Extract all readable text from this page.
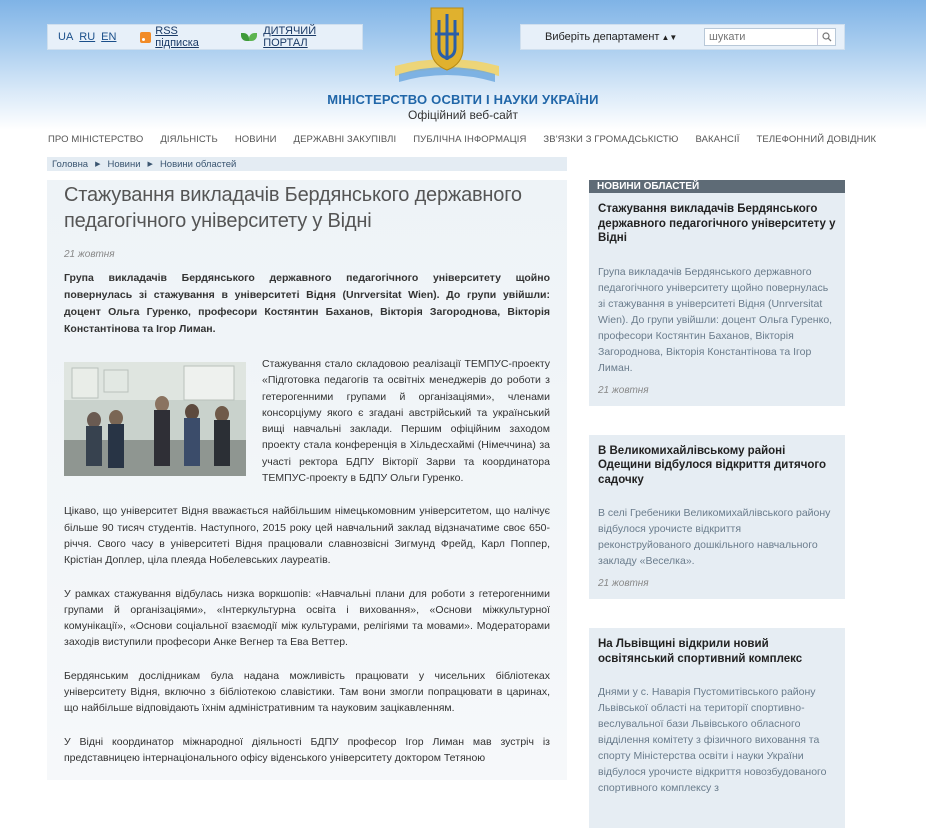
UA RU EN	RSS підписка
ДИТЯЧИЙ ПОРТАЛ	Виберіть департамент ▲▼
шукати
МІНІСТЕРСТВО ОСВІТИ І НАУКИ УКРАЇНИ
Офіційний веб-сайт
ПРО МІНІСТЕРСТВО ДІЯЛЬНІСТЬ НОВИНИ ДЕРЖАВНІ ЗАКУПІВЛІ ПУБЛІЧНА ІНФОРМАЦІЯ ЗВ'ЯЗКИ З ГРОМАДСЬКІСТЮ ВАКАНСІЇ ТЕЛЕФОННИЙ ДОВІДНИК
Головна ▶ Новини ▶ Новини областей
Стажування викладачів Бердянського державного педагогічного університету у Відні
21 жовтня
Група викладачів Бердянського державного педагогічного університету щойно повернулась зі стажування в університеті Відня (Unrversitat Wien). До групи увійшли: доцент Ольга Гуренко, професори Костянтин Баханов, Вікторія Загороднова, Вікторія Константінова та Ігор Лиман.

Стажування стало складовою реалізації ТЕМПУС-проекту «Підготовка педагогів та освітніх менеджерів до роботи з гетерогенними групами й організаціями», членами консорціуму якого є згадані австрійський та український вищі навчальні заклади. Першим офіційним заходом проекту стала конференція в Хільдесхаймі (Німеччина) за участі ректора БДПУ Вікторії Зарви та координатора ТЕМПУС-проекту в БДПУ Ольги Гуренко.

Цікаво, що університет Відня вважається найбільшим німецькомовним університетом, що налічує більше 90 тисяч студентів. Наступного, 2015 року цей навчальний заклад відзначатиме своє 650-річчя. Свого часу в університеті Відня працювали славнозвісні Зигмунд Фрейд, Карл Поппер, Крістіан Доплер, ціла плеяда Нобелевських лауреатів.

У рамках стажування відбулась низка воркшопів: «Навчальні плани для роботи з гетерогенними групами й організаціями», «Інтеркультурна освіта і виховання», «Основи міжкультурної комунікації», «Основи соціальної взаємодії між культурами, релігіями та мовами». Модераторами заходів виступили професори Анке Вегнер та Ева Веттер.

Бердянським дослідникам була надана можливість працювати у чисельних бібліотеках університету Відня, включно з бібліотекою славістики. Там вони змогли попрацювати в царинах, що найбільше відповідають їхнім адміністративним та науковим зацікавленням.

У Відні координатор міжнародної діяльності БДПУ професор Ігор Лиман мав зустріч із представницею інтернаціонального офісу віденського університету доктором Тетяною

НОВИНИ ОБЛАСТЕЙ
Стажування викладачів Бердянського державного педагогічного університету у Відні
Група викладачів Бердянського державного педагогічного університету щойно повернулась зі стажування в університеті Відня (Unrversitat Wien). До групи увійшли: доцент Ольга Гуренко, професори Костянтин Баханов, Вікторія Загороднова, Вікторія Константінова та Ігор Лиман.
21 жовтня
В Великомихайлівському районі Одещини відбулося відкриття дитячого садочку
В селі Гребеники Великомихайлівського району відбулося урочисте відкриття реконструйованого дошкільного навчального закладу «Веселка».
21 жовтня
На Львівщині відкрили новий освітянський спортивний комплекс
Днями у с. Наварія Пустомитівського району Львівської області на території спортивно-веслувальної бази Львівського обласного відділення комітету з фізичного виховання та спорту Міністерства освіти і науки України відбулося урочисте відкриття новозбудованого спортивного комплексу з
